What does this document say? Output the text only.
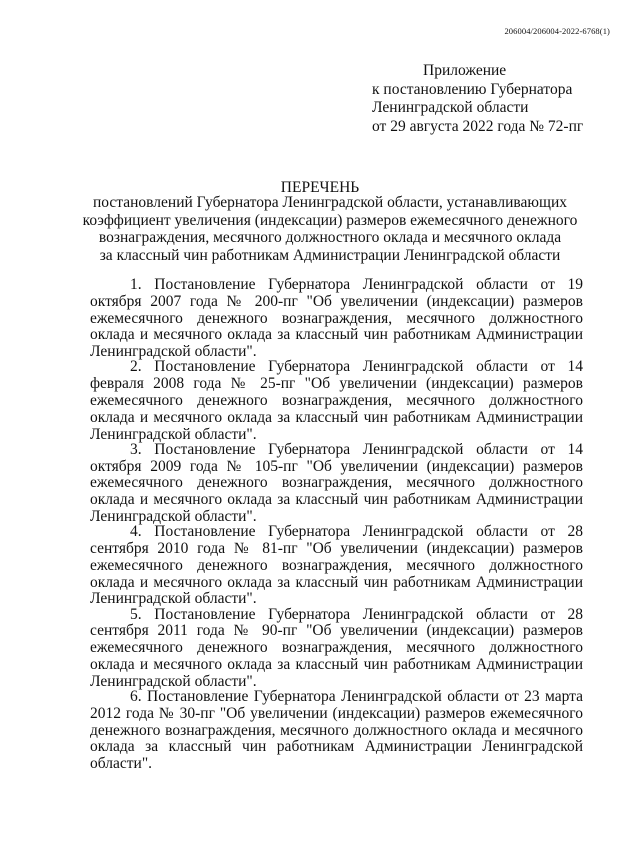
206004/206004-2022-6768(1)
Приложение
к постановлению Губернатора
Ленинградской области
от 29 августа 2022 года № 72-пг
ПЕРЕЧЕНЬ
постановлений Губернатора Ленинградской области, устанавливающих
коэффициент увеличения (индексации) размеров ежемесячного денежного
вознаграждения, месячного должностного оклада и месячного оклада
за классный чин работникам Администрации Ленинградской области

1. Постановление Губернатора Ленинградской области от 19 октября 2007 года № 200-пг "Об увеличении (индексации) размеров ежемесячного денежного вознаграждения, месячного должностного оклада и месячного оклада за классный чин работникам Администрации Ленинградской области".

2. Постановление Губернатора Ленинградской области от 14 февраля 2008 года № 25-пг "Об увеличении (индексации) размеров ежемесячного денежного вознаграждения, месячного должностного оклада и месячного оклада за классный чин работникам Администрации Ленинградской области".

3. Постановление Губернатора Ленинградской области от 14 октября 2009 года № 105-пг "Об увеличении (индексации) размеров ежемесячного денежного вознаграждения, месячного должностного оклада и месячного оклада за классный чин работникам Администрации Ленинградской области".

4. Постановление Губернатора Ленинградской области от 28 сентября 2010 года № 81-пг "Об увеличении (индексации) размеров ежемесячного денежного вознаграждения, месячного должностного оклада и месячного оклада за классный чин работникам Администрации Ленинградской области".

5. Постановление Губернатора Ленинградской области от 28 сентября 2011 года № 90-пг "Об увеличении (индексации) размеров ежемесячного денежного вознаграждения, месячного должностного оклада и месячного оклада за классный чин работникам Администрации Ленинградской области".

6. Постановление Губернатора Ленинградской области от 23 марта 2012 года № 30-пг "Об увеличении (индексации) размеров ежемесячного денежного вознаграждения, месячного должностного оклада и месячного оклада за классный чин работникам Администрации Ленинградской области".
